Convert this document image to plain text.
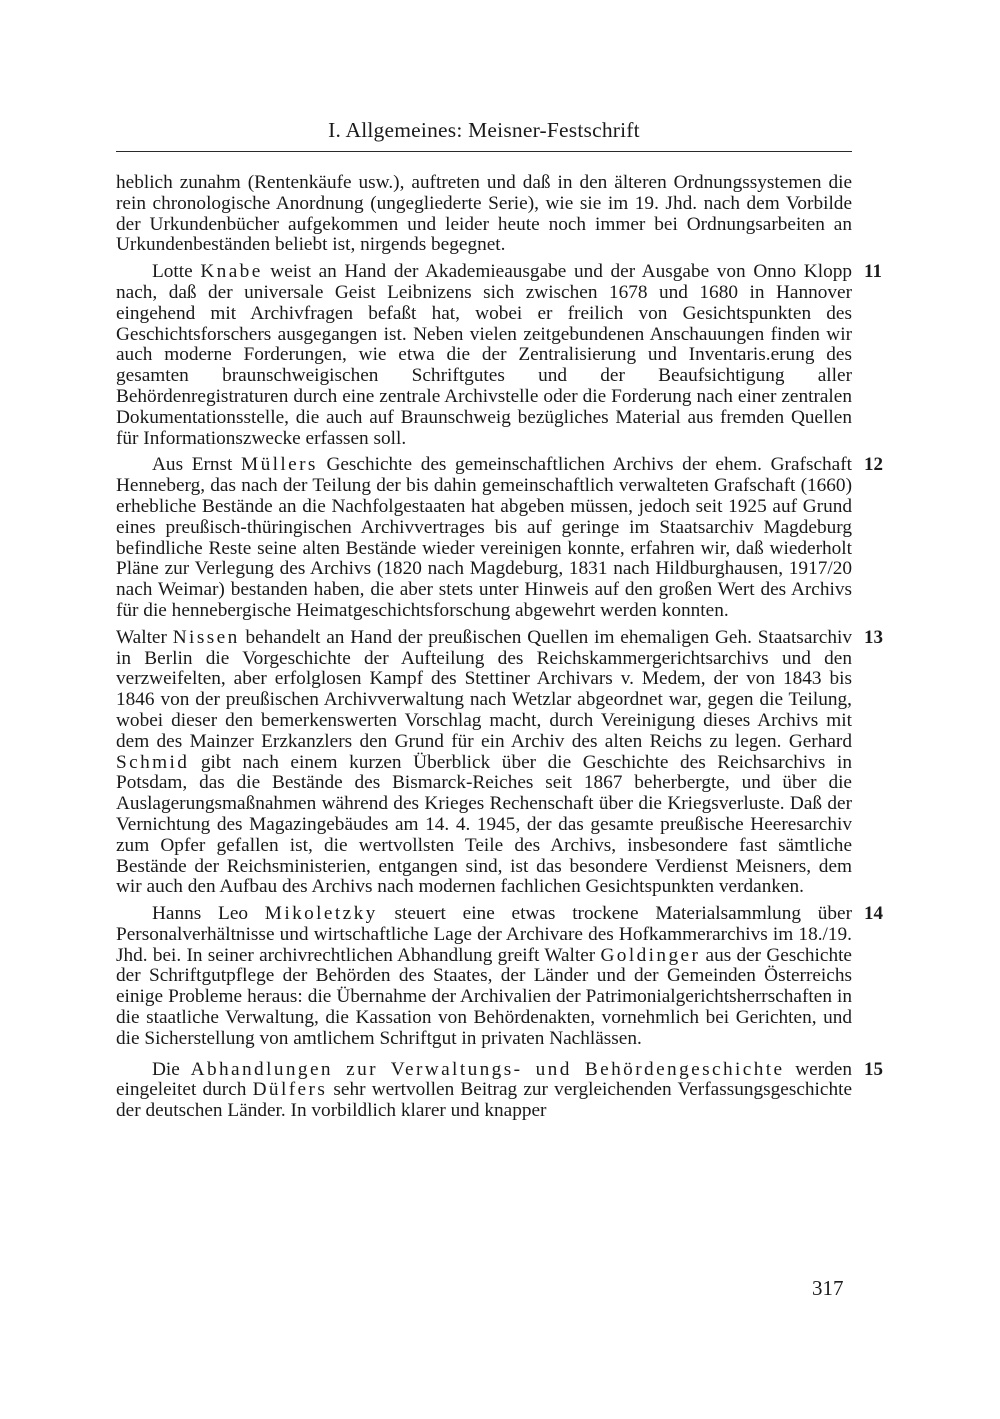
I. Allgemeines: Meisner-Festschrift

heblich zunahm (Rentenkäufe usw.), auftreten und daß in den älteren Ordnungssystemen die rein chronologische Anordnung (ungegliederte Serie), wie sie im 19. Jhd. nach dem Vorbilde der Urkundenbücher aufgekommen und leider heute noch immer bei Ordnungsarbeiten an Urkundenbeständen beliebt ist, nirgends begegnet.

Lotte Knabe weist an Hand der Akademieausgabe und der Ausgabe von Onno Klopp nach, daß der universale Geist Leibnizens sich zwischen 1678 und 1680 in Hannover eingehend mit Archivfragen befaßt hat, wobei er freilich von Gesichtspunkten des Geschichtsforschers ausgegangen ist. Neben vielen zeitgebundenen Anschauungen finden wir auch moderne Forderungen, wie etwa die der Zentralisierung und Inventaris.erung des gesamten braunschweigischen Schriftgutes und der Beaufsichtigung aller Behördenregistraturen durch eine zentrale Archivstelle oder die Forderung nach einer zentralen Dokumentationsstelle, die auch auf Braunschweig bezügliches Material aus fremden Quellen für Informationszwecke erfassen soll.
11

Aus Ernst Müllers Geschichte des gemeinschaftlichen Archivs der ehem. Grafschaft Henneberg, das nach der Teilung der bis dahin gemeinschaftlich verwalteten Grafschaft (1660) erhebliche Bestände an die Nachfolgestaaten hat abgeben müssen, jedoch seit 1925 auf Grund eines preußisch-thüringischen Archivvertrages bis auf geringe im Staatsarchiv Magdeburg befindliche Reste seine alten Bestände wieder vereinigen konnte, erfahren wir, daß wiederholt Pläne zur Verlegung des Archivs (1820 nach Magdeburg, 1831 nach Hildburghausen, 1917/20 nach Weimar) bestanden haben, die aber stets unter Hinweis auf den großen Wert des Archivs für die hennebergische Heimatgeschichtsforschung abgewehrt werden konnten.
12

Walter Nissen behandelt an Hand der preußischen Quellen im ehemaligen Geh. Staatsarchiv in Berlin die Vorgeschichte der Aufteilung des Reichskammergerichtsarchivs und den verzweifelten, aber erfolglosen Kampf des Stettiner Archivars v. Medem, der von 1843 bis 1846 von der preußischen Archivverwaltung nach Wetzlar abgeordnet war, gegen die Teilung, wobei dieser den bemerkenswerten Vorschlag macht, durch Vereinigung dieses Archivs mit dem des Mainzer Erzkanzlers den Grund für ein Archiv des alten Reichs zu legen. Gerhard Schmid gibt nach einem kurzen Überblick über die Geschichte des Reichsarchivs in Potsdam, das die Bestände des Bismarck-Reiches seit 1867 beherbergte, und über die Auslagerungsmaßnahmen während des Krieges Rechenschaft über die Kriegsverluste. Daß der Vernichtung des Magazingebäudes am 14. 4. 1945, der das gesamte preußische Heeresarchiv zum Opfer gefallen ist, die wertvollsten Teile des Archivs, insbesondere fast sämtliche Bestände der Reichsministerien, entgangen sind, ist das besondere Verdienst Meisners, dem wir auch den Aufbau des Archivs nach modernen fachlichen Gesichtspunkten verdanken.
13

Hanns Leo Mikoletzky steuert eine etwas trockene Materialsammlung über Personalverhältnisse und wirtschaftliche Lage der Archivare des Hofkammerarchivs im 18./19. Jhd. bei. In seiner archivrechtlichen Abhandlung greift Walter Goldinger aus der Geschichte der Schriftgutpflege der Behörden des Staates, der Länder und der Gemeinden Österreichs einige Probleme heraus: die Übernahme der Archivalien der Patrimonialgerichtsherrschaften in die staatliche Verwaltung, die Kassation von Behördenakten, vornehmlich bei Gerichten, und die Sicherstellung von amtlichem Schriftgut in privaten Nachlässen.
14

Die Abhandlungen zur Verwaltungs- und Behördengeschichte werden eingeleitet durch Dülfers sehr wertvollen Beitrag zur vergleichenden Verfassungsgeschichte der deutschen Länder. In vorbildlich klarer und knapper
15

317
